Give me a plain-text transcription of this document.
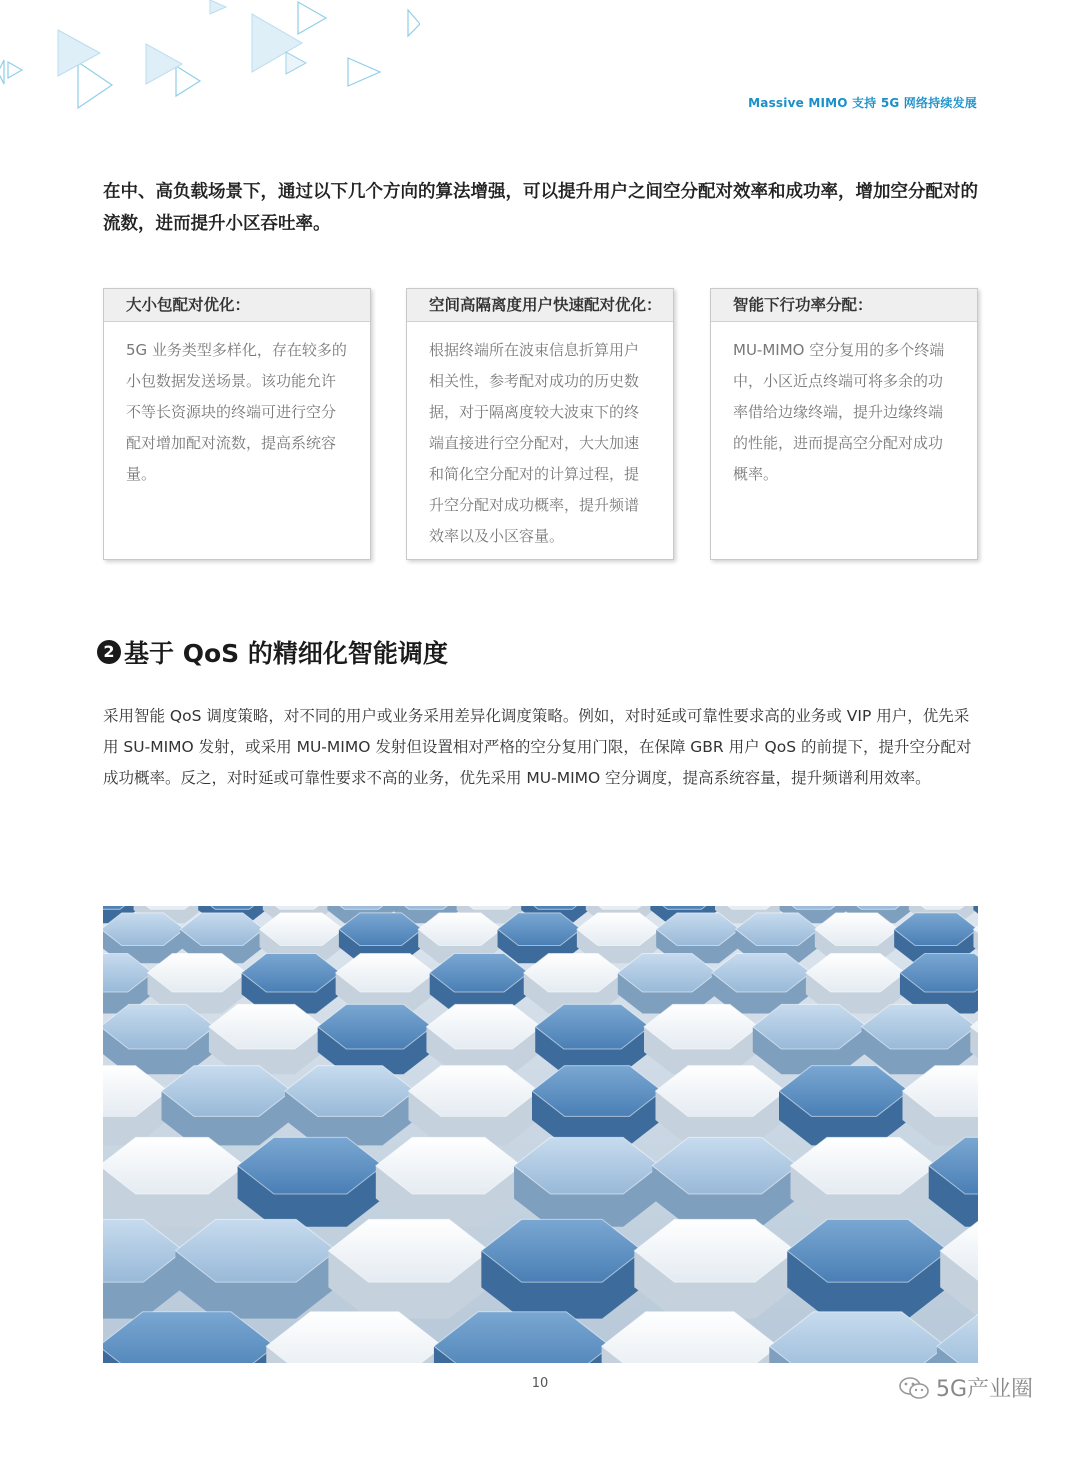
Massive MIMO 支持 5G 网络持续发展

在中、高负载场景下，通过以下几个方向的算法增强，可以提升用户之间空分配对效率和成功率，增加空分配对的流数，进而提升小区吞吐率。

大小包配对优化：
5G 业务类型多样化，存在较多的小包数据发送场景。该功能允许不等长资源块的终端可进行空分配对增加配对流数，提高系统容量。
空间高隔离度用户快速配对优化：
根据终端所在波束信息折算用户相关性，参考配对成功的历史数据，对于隔离度较大波束下的终端直接进行空分配对，大大加速和简化空分配对的计算过程，提升空分配对成功概率，提升频谱效率以及小区容量。
智能下行功率分配：
MU-MIMO 空分复用的多个终端中，小区近点终端可将多余的功率借给边缘终端，提升边缘终端的性能，进而提高空分配对成功概率。
2 基于 QoS 的精细化智能调度

采用智能 QoS 调度策略，对不同的用户或业务采用差异化调度策略。例如，对时延或可靠性要求高的业务或 VIP 用户，优先采用 SU-MIMO 发射，或采用 MU-MIMO 发射但设置相对严格的空分复用门限，在保障 GBR 用户 QoS 的前提下，提升空分配对成功概率。反之，对时延或可靠性要求不高的业务，优先采用 MU-MIMO 空分调度，提高系统容量，提升频谱利用效率。

10	5G产业圈
